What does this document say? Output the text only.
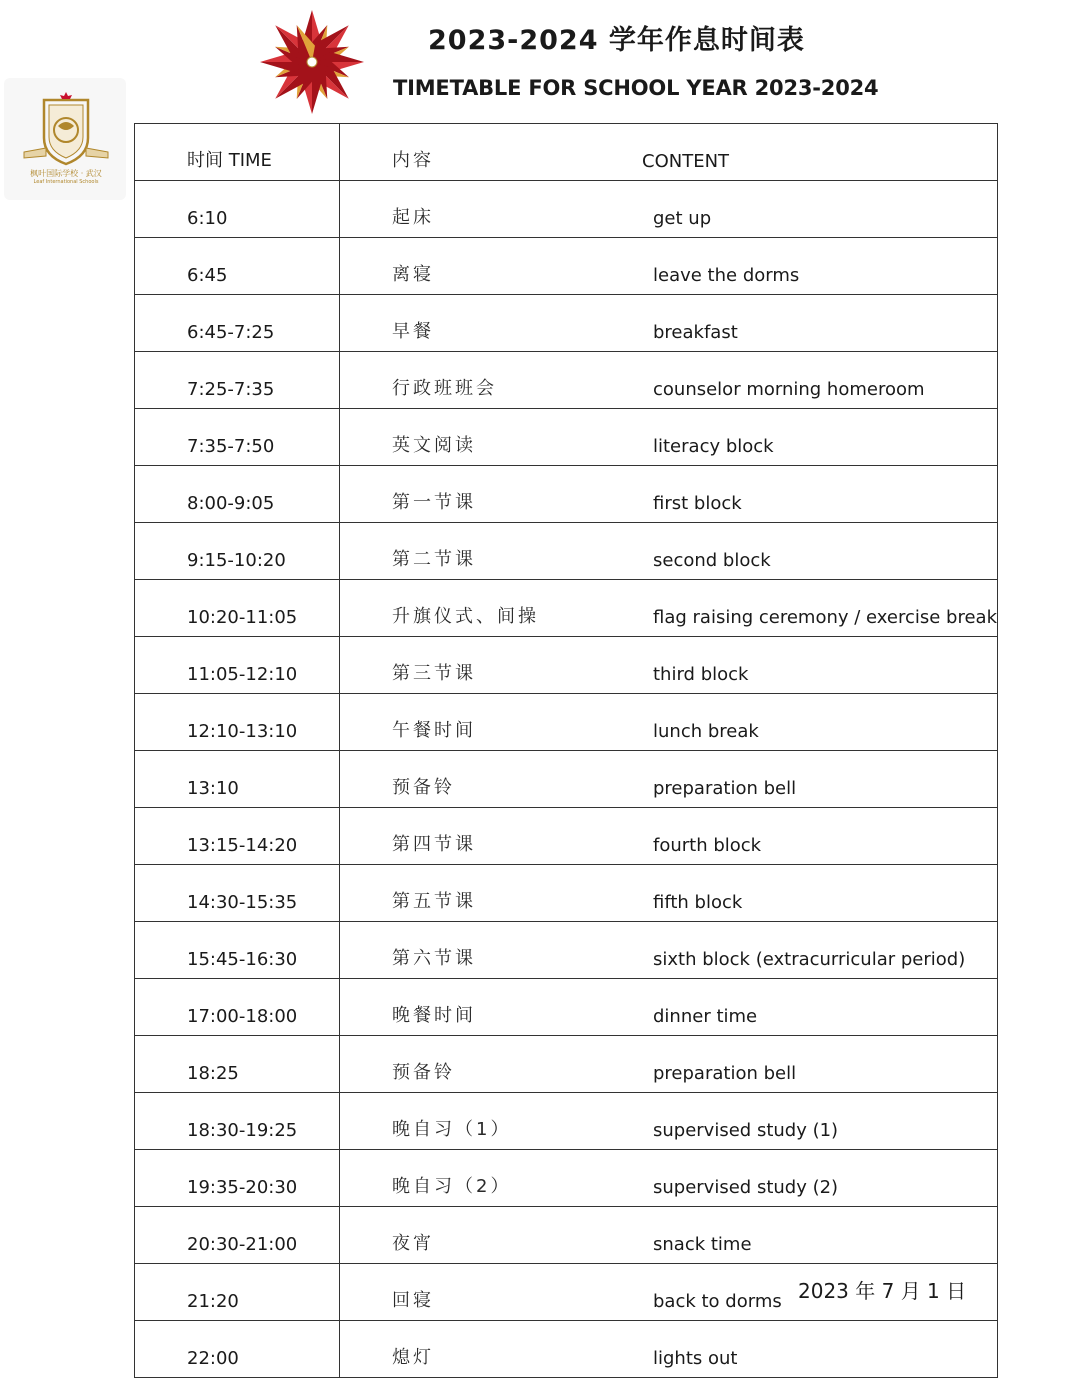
枫叶国际学校 · 武汉
Leaf International Schools
2023-2024 学年作息时间表
TIMETABLE FOR SCHOOL YEAR 2023-2024
时间 TIME	内容 CONTENT

6:10	起床 get up

6:45	离寝 leave the dorms

6:45-7:25	早餐 breakfast

7:25-7:35	行政班班会 counselor morning homeroom

7:35-7:50	英文阅读 literacy block

8:00-9:05	第一节课 first block

9:15-10:20	第二节课 second block

10:20-11:05	升旗仪式、间操 flag raising ceremony / exercise break

11:05-12:10	第三节课 third block

12:10-13:10	午餐时间 lunch break

13:10	预备铃 preparation bell

13:15-14:20	第四节课 fourth block

14:30-15:35	第五节课 fifth block

15:45-16:30	第六节课 sixth block (extracurricular period)

17:00-18:00	晚餐时间 dinner time

18:25	预备铃 preparation bell

18:30-19:25	晚自习（1） supervised study (1)

19:35-20:30	晚自习（2） supervised study (2)

20:30-21:00	夜宵 snack time

21:20	回寝 back to dorms

22:00	熄灯 lights out
2023 年 7 月 1 日
